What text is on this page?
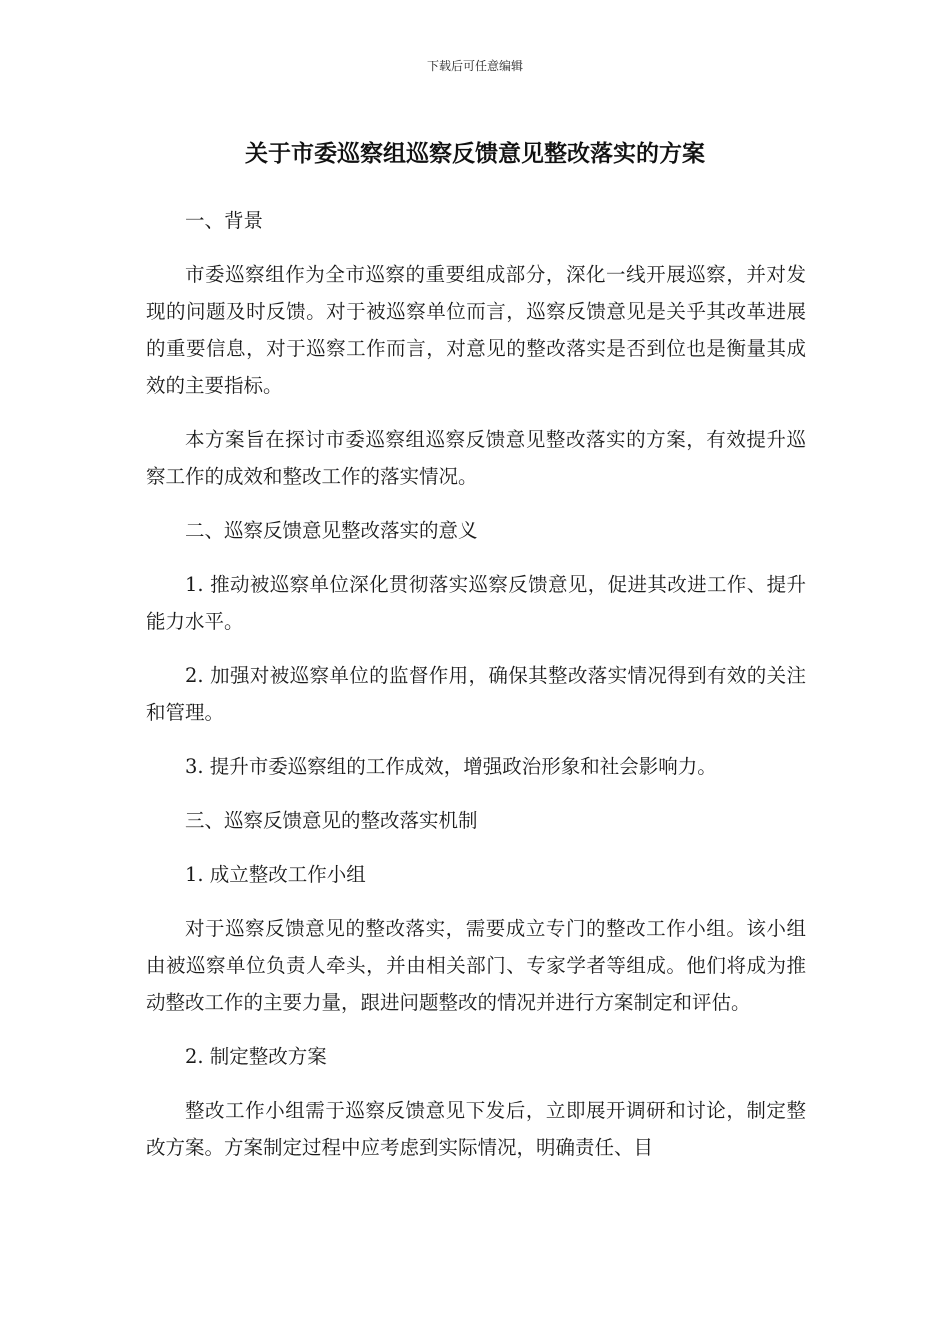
下载后可任意编辑
关于市委巡察组巡察反馈意见整改落实的方案

一、背景

市委巡察组作为全市巡察的重要组成部分，深化一线开展巡察，并对发现的问题及时反馈。对于被巡察单位而言，巡察反馈意见是关乎其改革进展的重要信息，对于巡察工作而言，对意见的整改落实是否到位也是衡量其成效的主要指标。

本方案旨在探讨市委巡察组巡察反馈意见整改落实的方案，有效提升巡察工作的成效和整改工作的落实情况。

二、巡察反馈意见整改落实的意义

1. 推动被巡察单位深化贯彻落实巡察反馈意见，促进其改进工作、提升能力水平。

2. 加强对被巡察单位的监督作用，确保其整改落实情况得到有效的关注和管理。

3. 提升市委巡察组的工作成效，增强政治形象和社会影响力。

三、巡察反馈意见的整改落实机制

1. 成立整改工作小组

对于巡察反馈意见的整改落实，需要成立专门的整改工作小组。该小组由被巡察单位负责人牵头，并由相关部门、专家学者等组成。他们将成为推动整改工作的主要力量，跟进问题整改的情况并进行方案制定和评估。

2. 制定整改方案

整改工作小组需于巡察反馈意见下发后，立即展开调研和讨论，制定整改方案。方案制定过程中应考虑到实际情况，明确责任、目
